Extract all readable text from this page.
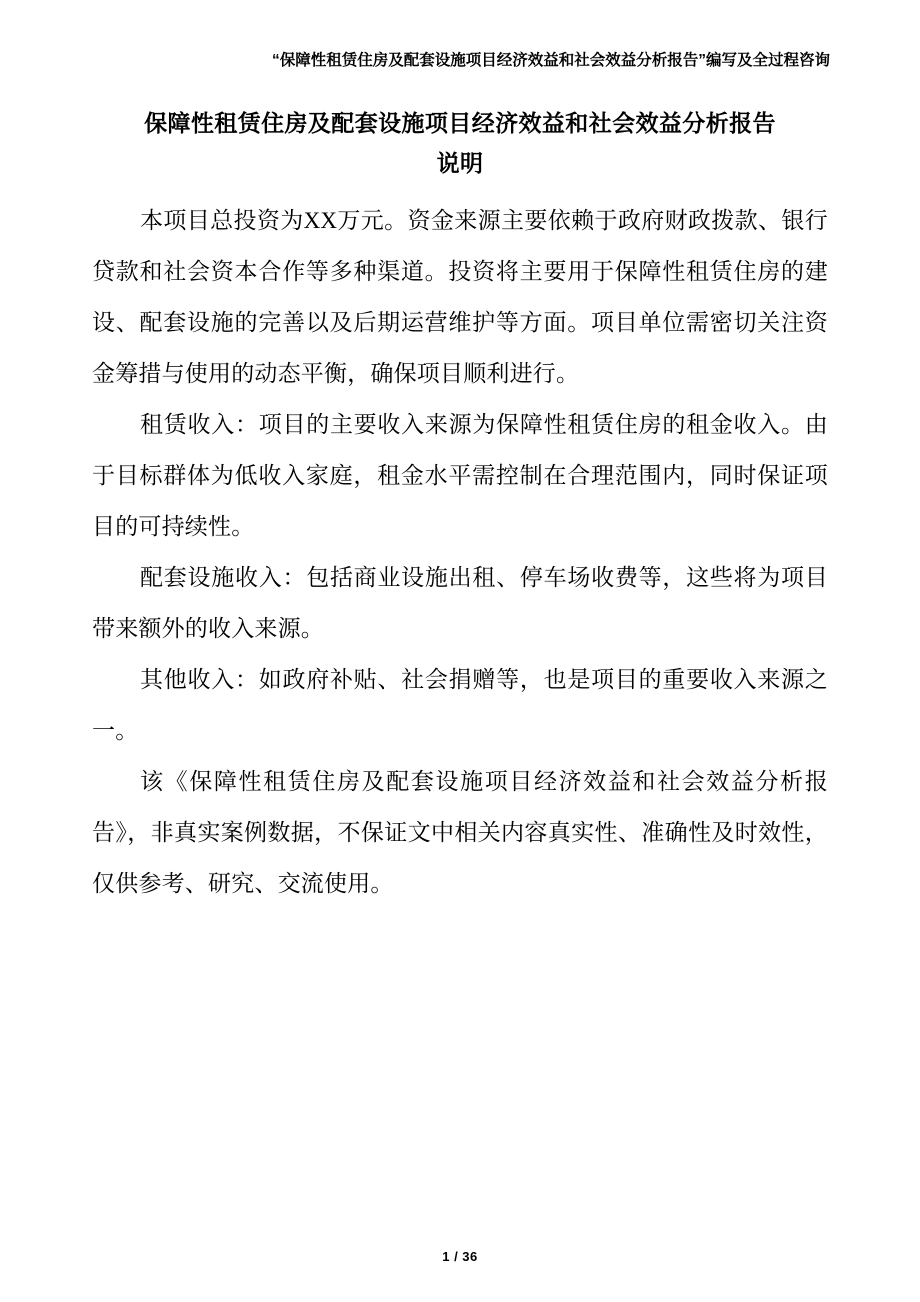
“保障性租赁住房及配套设施项目经济效益和社会效益分析报告”编写及全过程咨询
保障性租赁住房及配套设施项目经济效益和社会效益分析报告
说明

本项目总投资为XX万元。资金来源主要依赖于政府财政拨款、银行贷款和社会资本合作等多种渠道。投资将主要用于保障性租赁住房的建设、配套设施的完善以及后期运营维护等方面。项目单位需密切关注资金筹措与使用的动态平衡，确保项目顺利进行。

租赁收入：项目的主要收入来源为保障性租赁住房的租金收入。由于目标群体为低收入家庭，租金水平需控制在合理范围内，同时保证项目的可持续性。

配套设施收入：包括商业设施出租、停车场收费等，这些将为项目带来额外的收入来源。

其他收入：如政府补贴、社会捐赠等，也是项目的重要收入来源之一。

该《保障性租赁住房及配套设施项目经济效益和社会效益分析报告》，非真实案例数据，不保证文中相关内容真实性、准确性及时效性，仅供参考、研究、交流使用。

1 / 36
